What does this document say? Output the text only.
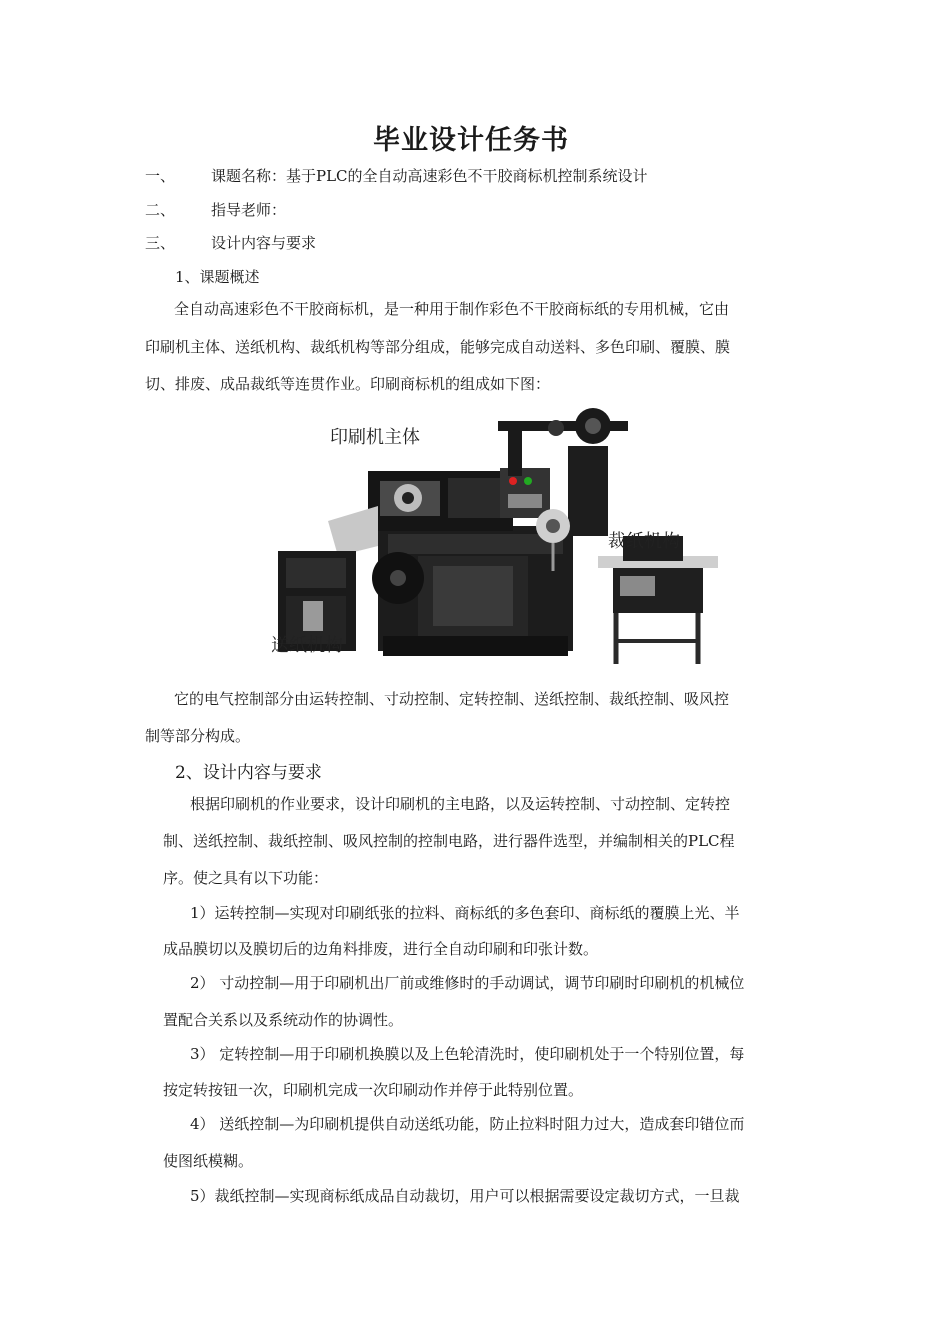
毕业设计任务书
一、 课题名称：基于PLC的全自动高速彩色不干胶商标机控制系统设计
二、 指导老师：
三、 设计内容与要求
1、课题概述
全自动高速彩色不干胶商标机，是一种用于制作彩色不干胶商标纸的专用机械，它由
印刷机主体、送纸机构、裁纸机构等部分组成，能够完成自动送料、多色印刷、覆膜、膜
切、排废、成品裁纸等连贯作业。印刷商标机的组成如下图：
印刷机主体
裁纸机构
送纸机构
它的电气控制部分由运转控制、寸动控制、定转控制、送纸控制、裁纸控制、吸风控
制等部分构成。
2、设计内容与要求
根据印刷机的作业要求，设计印刷机的主电路，以及运转控制、寸动控制、定转控
制、送纸控制、裁纸控制、吸风控制的控制电路，进行器件选型，并编制相关的PLC程
序。使之具有以下功能：
1）运转控制—实现对印刷纸张的拉料、商标纸的多色套印、商标纸的覆膜上光、半
成品膜切以及膜切后的边角料排废，进行全自动印刷和印张计数。
2） 寸动控制—用于印刷机出厂前或维修时的手动调试，调节印刷时印刷机的机械位
置配合关系以及系统动作的协调性。
3） 定转控制—用于印刷机换膜以及上色轮清洗时，使印刷机处于一个特别位置，每
按定转按钮一次，印刷机完成一次印刷动作并停于此特别位置。
4） 送纸控制—为印刷机提供自动送纸功能，防止拉料时阻力过大，造成套印错位而
使图纸模糊。
5）裁纸控制—实现商标纸成品自动裁切，用户可以根据需要设定裁切方式，一旦裁
